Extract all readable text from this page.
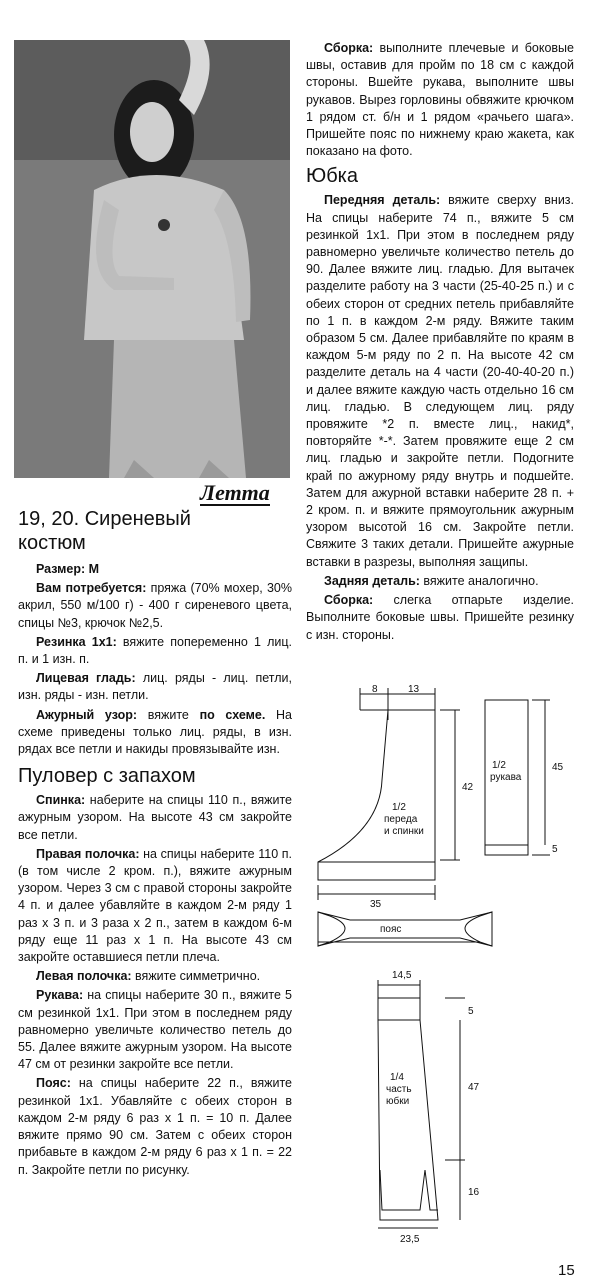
Летта
19, 20. Сиреневый
костюм

Размер: M

Вам потребуется: пряжа (70% мохер, 30% акрил, 550 м/100 г) - 400 г сиреневого цвета, спицы №3, крючок №2,5.

Резинка 1х1: вяжите попеременно 1 лиц. п. и 1 изн. п.

Лицевая гладь: лиц. ряды - лиц. петли, изн. ряды - изн. петли.

Ажурный узор: вяжите по схеме. На схеме приведены только лиц. ряды, в изн. рядах все петли и накиды провязывайте изн.

Пуловер с запахом

Спинка: наберите на спицы 110 п., вяжите ажурным узором. На высоте 43 см закройте все петли.

Правая полочка: на спицы наберите 110 п. (в том числе 2 кром. п.), вяжите ажурным узором. Через 3 см с правой стороны закройте 4 п. и далее убавляйте в каждом 2-м ряду 1 раз х 3 п. и 3 раза х 2 п., затем в каждом 6-м ряду еще 11 раз х 1 п. На высоте 43 см закройте оставшиеся петли плеча.

Левая полочка: вяжите симметрично.

Рукава: на спицы наберите 30 п., вяжите 5 см резинкой 1х1. При этом в последнем ряду равномерно увеличьте количество петель до 55. Далее вяжите ажурным узором. На высоте 47 см от резинки закройте все петли.

Пояс: на спицы наберите 22 п., вяжите резинкой 1х1. Убавляйте с обеих сторон в каждом 2-м ряду 6 раз х 1 п. = 10 п. Далее вяжите прямо 90 см. Затем с обеих сторон прибавьте в каждом 2-м ряду 6 раз х 1 п. = 22 п. Закройте петли по рисунку.

Сборка: выполните плечевые и боковые швы, оставив для пройм по 18 см с каждой стороны. Вшейте рукава, выполните швы рукавов. Вырез горловины обвяжите крючком 1 рядом ст. б/н и 1 рядом «рачьего шага». Пришейте пояс по нижнему краю жакета, как показано на фото.

Юбка

Передняя деталь: вяжите сверху вниз. На спицы наберите 74 п., вяжите 5 см резинкой 1х1. При этом в последнем ряду равномерно увеличьте количество петель до 90. Далее вяжите лиц. гладью. Для вытачек разделите работу на 3 части (25-40-25 п.) и с обеих сторон от средних петель прибавляйте по 1 п. в каждом 2-м ряду. Вяжите таким образом 5 см. Далее прибавляйте по краям в каждом 5-м ряду по 2 п. На высоте 42 см разделите деталь на 4 части (20-40-40-20 п.) и далее вяжите каждую часть отдельно 16 см лиц. гладью. В следующем лиц. ряду провяжите *2 п. вместе лиц., накид*, повторяйте *-*. Затем провяжите еще 2 см лиц. гладью и закройте петли. Подогните край по ажурному ряду внутрь и подшейте. Затем для ажурной вставки наберите 28 п. + 2 кром. п. и вяжите прямоугольник ажурным узором высотой 16 см. Закройте петли. Свяжите 3 таких детали. Пришейте ажурные вставки в разрезы, выполняя защипы.

Задняя деталь: вяжите аналогично.

Сборка: слегка отпарьте изделие. Выполните боковые швы. Пришейте резинку с изн. стороны.

8	13
42
35
1/2
переда
и спинки
1/2
рукава
45
5
пояс
14,5
5
47
16
23,5
1/4
часть
юбки
15
